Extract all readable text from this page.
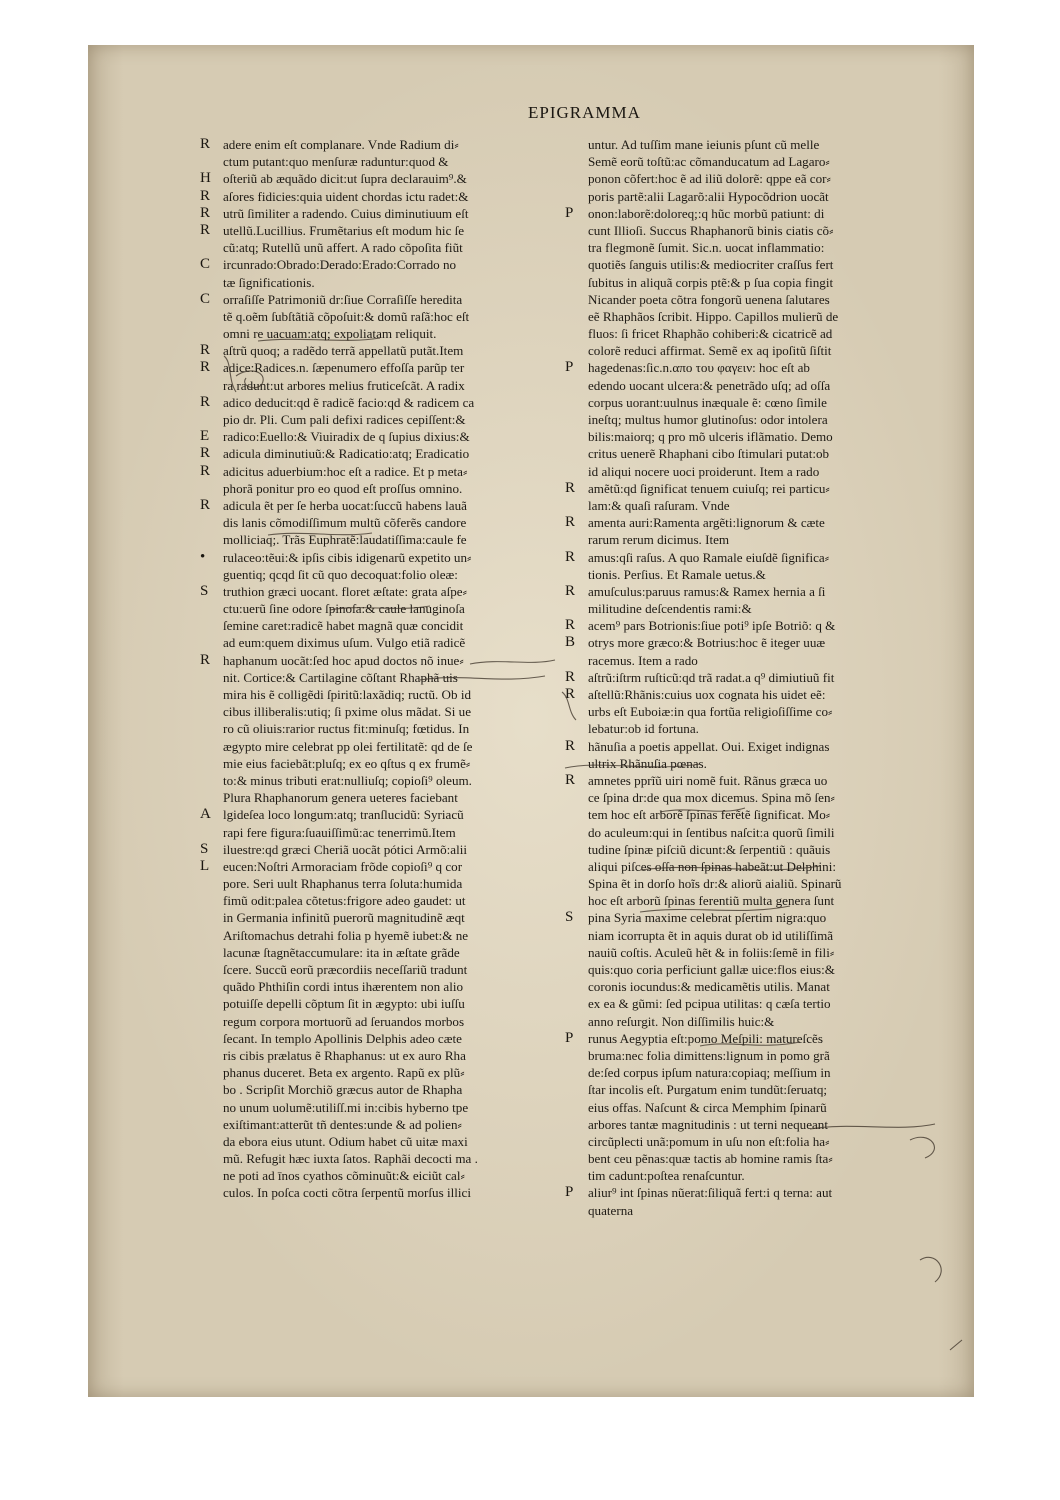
EPIGRAMMA
R adere enim eſt complanare. Vnde Radium di⸗
ctum putant:quo menſuræ raduntur:quod &
H oſteriũ ab æquãdo dicit:ut ſupra declarauim⁹.&
R aſores fidicies:quia uident chordas ictu radet:&
R utrũ ſimiliter a radendo. Cuius diminutiuum eſt
R utellũ.Lucillius. Frumẽtarius eſt modum hic ſe
cũ:atq; Rutellũ unũ affert. A rado cõpoſita fiũt
C ircunrado:Obrado:Derado:Erado:Corrado no
tæ ſignificationis.
C orraſiſſe Patrimoniũ dr:ſiue Corraſiſſe heredita
tẽ q.oẽm ſubſtãtiã cõpoſuit:& domũ raſã:hoc eſt
omni re uacuam:atq; expoliatam reliquit.
R aſtrũ quoq; a radẽdo terrã appellatũ putãt.Item
R adice:Radices.n. ſæpenumero effoſſa parũp ter
ra radunt:ut arbores melius fruticeſcãt. A radix
R adico deducit:qd ẽ radicẽ facio:qd & radicem ca
pio dr. Pli. Cum pali defixi radices cepiſſent:&
E	radico:Euello:& Viuiradix de q ſupius dixius:&
R adicula diminutiuũ:& Radicatio:atq; Eradicatio
R adicitus aduerbium:hoc eſt a radice. Et p meta⸗
phorã ponitur pro eo quod eſt proſſus omnino.
R adicula ẽt per ſe herba uocat:ſuccũ habens lauã
dis lanis cõmodiſſimum multũ cõferẽs candore
molliciaq;. Trãs Euphratẽ:laudatiſſima:caule fe
•	rulaceo:tẽui:& ipſis cibis idigenarũ expetito un⸗
guentiq; qcqd ſit cũ quo decoquat:folio oleæ:
S	truthion græci uocant. floret æſtate: grata aſpe⸗
ctu:uerũ ſine odore ſpinoſa:& caule lanuginoſa
ſemine caret:radicẽ habet magnã quæ concidit
ad eum:quem diximus uſum. Vulgo etiã radicẽ
R haphanum uocãt:ſed hoc apud doctos nõ inue⸗
nit. Cortice:& Cartilagine cõſtant Rhaphã uis
mira his ẽ colligẽdi ſpiritũ:laxãdiq; ructũ. Ob id
cibus illiberalis:utiq; ſi pxime olus mãdat. Si ue
ro cũ oliuis:rarior ructus fit:minuſq; fœtidus. In
ægypto mire celebrat pp olei fertilitatẽ: qd de ſe
mie eius faciebãt:pluſq; ex eo qſtus q ex frumẽ⸗
to:& minus tributi erat:nulliuſq; copioſi⁹ oleum.
Plura Rhaphanorum genera ueteres faciebant
A lgideſea loco longum:atq; tranſlucidũ: Syriacũ
rapi fere figura:ſuauiſſimũ:ac tenerrimũ.Item
S	iluestre:qd græci Cheriã uocãt pótici Armõ:alii
L	eucen:Noſtri Armoraciam frõde copioſi⁹ q cor
pore. Seri uult Rhaphanus terra ſoluta:humida
fimũ odit:palea cõtetus:frigore adeo gaudet: ut
in Germania infinitũ puerorũ magnitudinẽ æqt
Ariſtomachus detrahi folia p hyemẽ iubet:& ne
lacunæ ſtagnẽtaccumulare: ita in æſtate grãde
ſcere. Succũ eorũ præcordiis neceſſariũ tradunt
quãdo Phthiſin cordi intus ihærentem non alio
potuiſſe depelli cõptum ſit in ægypto: ubi iuſſu
regum corpora mortuorũ ad ſeruandos morbos
ſecant. In templo Apollinis Delphis adeo cæte
ris cibis prælatus ẽ Rhaphanus: ut ex auro Rha
phanus duceret. Beta ex argento. Rapũ ex plũ⸗
bo . Scripſit Morchiõ græcus autor de Rhapha
no unum uolumẽ:utiliſſ.mi in:cibis hyberno tpe
exiſtimant:atterũt tñ dentes:unde & ad polien⸗
da ebora eius utunt. Odium habet cũ uitæ maxi
mũ. Refugit hæc iuxta ſatos. Raphãi decocti ma .
ne poti ad īnos cyathos cõminuũt:& eiciũt cal⸗
culos. In poſca cocti cõtra ſerpentũ morſus illici
untur. Ad tuſſim mane ieiunis pſunt cũ melle
Semẽ eorũ toſtũ:ac cõmanducatum ad Lagaro⸗
ponon cõfert:hoc ẽ ad iliũ dolorẽ: qppe eã cor⸗
poris partẽ:alii Lagarõ:alii Hypocõdrion uocãt
P	onon:laborẽ:doloreq;:q hũc morbũ patiunt: di
cunt Illioſi. Succus Rhaphanorũ binis ciatis cõ⸗
tra flegmonẽ ſumit. Sic.n. uocat inflammatio:
quotiẽs ſanguis utilis:& mediocriter craſſus fert
ſubitus in aliquã corpis ptẽ:& p ſua copia fingit
Nicander poeta cõtra fongorũ uenena ſalutares
eẽ Rhaphãos ſcribit. Hippo. Capillos mulierũ de
fluos: ſi fricet Rhaphão cohiberi:& cicatricẽ ad
colorẽ reduci affirmat. Semẽ ex aq ipoſitũ ſiſtit
P	hagedenas:ſic.n.απο του φαγειν: hoc eſt ab
edendo uocant ulcera:& penetrãdo uſq; ad oſſa
corpus uorant:uulnus inæquale ẽ: cœno ſimile
ineſtq; multus humor glutinoſus: odor intolera
bilis:maiorq; q pro mõ ulceris iflãmatio. Demo
critus uenerẽ Rhaphani cibo ſtimulari putat:ob
id aliqui nocere uoci proiderunt. Item a rado
R amẽtũ:qd ſignificat tenuem cuiuſq; rei particu⸗
lam:& quaſi raſuram. Vnde
R amenta auri:Ramenta argẽti:lignorum & cæte
rarum rerum dicimus. Item
R amus:qſi raſus. A quo Ramale eiuſdẽ ſignifica⸗
tionis. Perſius. Et Ramale uetus.&
R amuſculus:paruus ramus:& Ramex hernia a ſi
militudine deſcendentis rami:&
R acem⁹ pars Botrionis:ſiue poti⁹ ipſe Botriõ: q &
B otrys more græco:& Botrius:hoc ẽ iteger uuæ
racemus. Item a rado
R aſtrũ:iſtrm ruſticũ:qd trã radat.a q⁹ dimiutiuũ fit
R aſtellũ:Rhãnis:cuius uox cognata his uidet eẽ:
urbs eſt Euboiæ:in qua fortũa religioſiſſime co⸗
lebatur:ob id fortuna.
R hãnuſia a poetis appellat. Oui. Exiget indignas
ultrix Rhãnuſia pœnas.
R amnetes pprĩũ uiri nomẽ fuit. Rãnus græca uo
ce ſpina dr:de qua mox dicemus. Spina mõ ſen⸗
tem hoc eſt arborẽ ſpinas ferẽtẽ ſignificat. Mo⸗
do aculeum:qui in ſentibus naſcit:a quorũ ſimili
tudine ſpinæ piſciũ dicunt:& ſerpentiũ : quãuis
aliqui piſces oſſa non ſpinas habeãt:ut Delphini:
Spina ẽt in dorſo hoĩs dr:& aliorũ aialiũ. Spinarũ
hoc eſt arborũ ſpinas ferentiũ multa genera ſunt
S	pina Syria maxime celebrat pſertim nigra:quo
niam icorrupta ẽt in aquis durat ob id utiliſſimã
nauiũ coſtis. Aculeũ hẽt & in foliis:ſemẽ in fili⸗
quis:quo coria perficiunt gallæ uice:flos eius:&
coronis iocundus:& medicamẽtis utilis. Manat
ex ea & gũmi: ſed pcipua utilitas: q cæſa tertio
anno reſurgit. Non diſſimilis huic:&
P	runus Aegyptia eſt:pomo Meſpili: matureſcẽs
bruma:nec folia dimittens:lignum in pomo grã
de:ſed corpus ipſum natura:copiaq; meſſium in
ſtar incolis eſt. Purgatum enim tundũt:ſeruatq;
eius offas. Naſcunt & circa Memphim ſpinarũ
arbores tantæ magnitudinis : ut terni nequeant
circũplecti unã:pomum in uſu non eſt:folia ha⸗
bent ceu pẽnas:quæ tactis ab homine ramis ſta⸗
tim cadunt:poſtea renaſcuntur.
P	aliur⁹ int ſpinas nũerat:ſiliquã fert:i q terna: aut
quaterna
